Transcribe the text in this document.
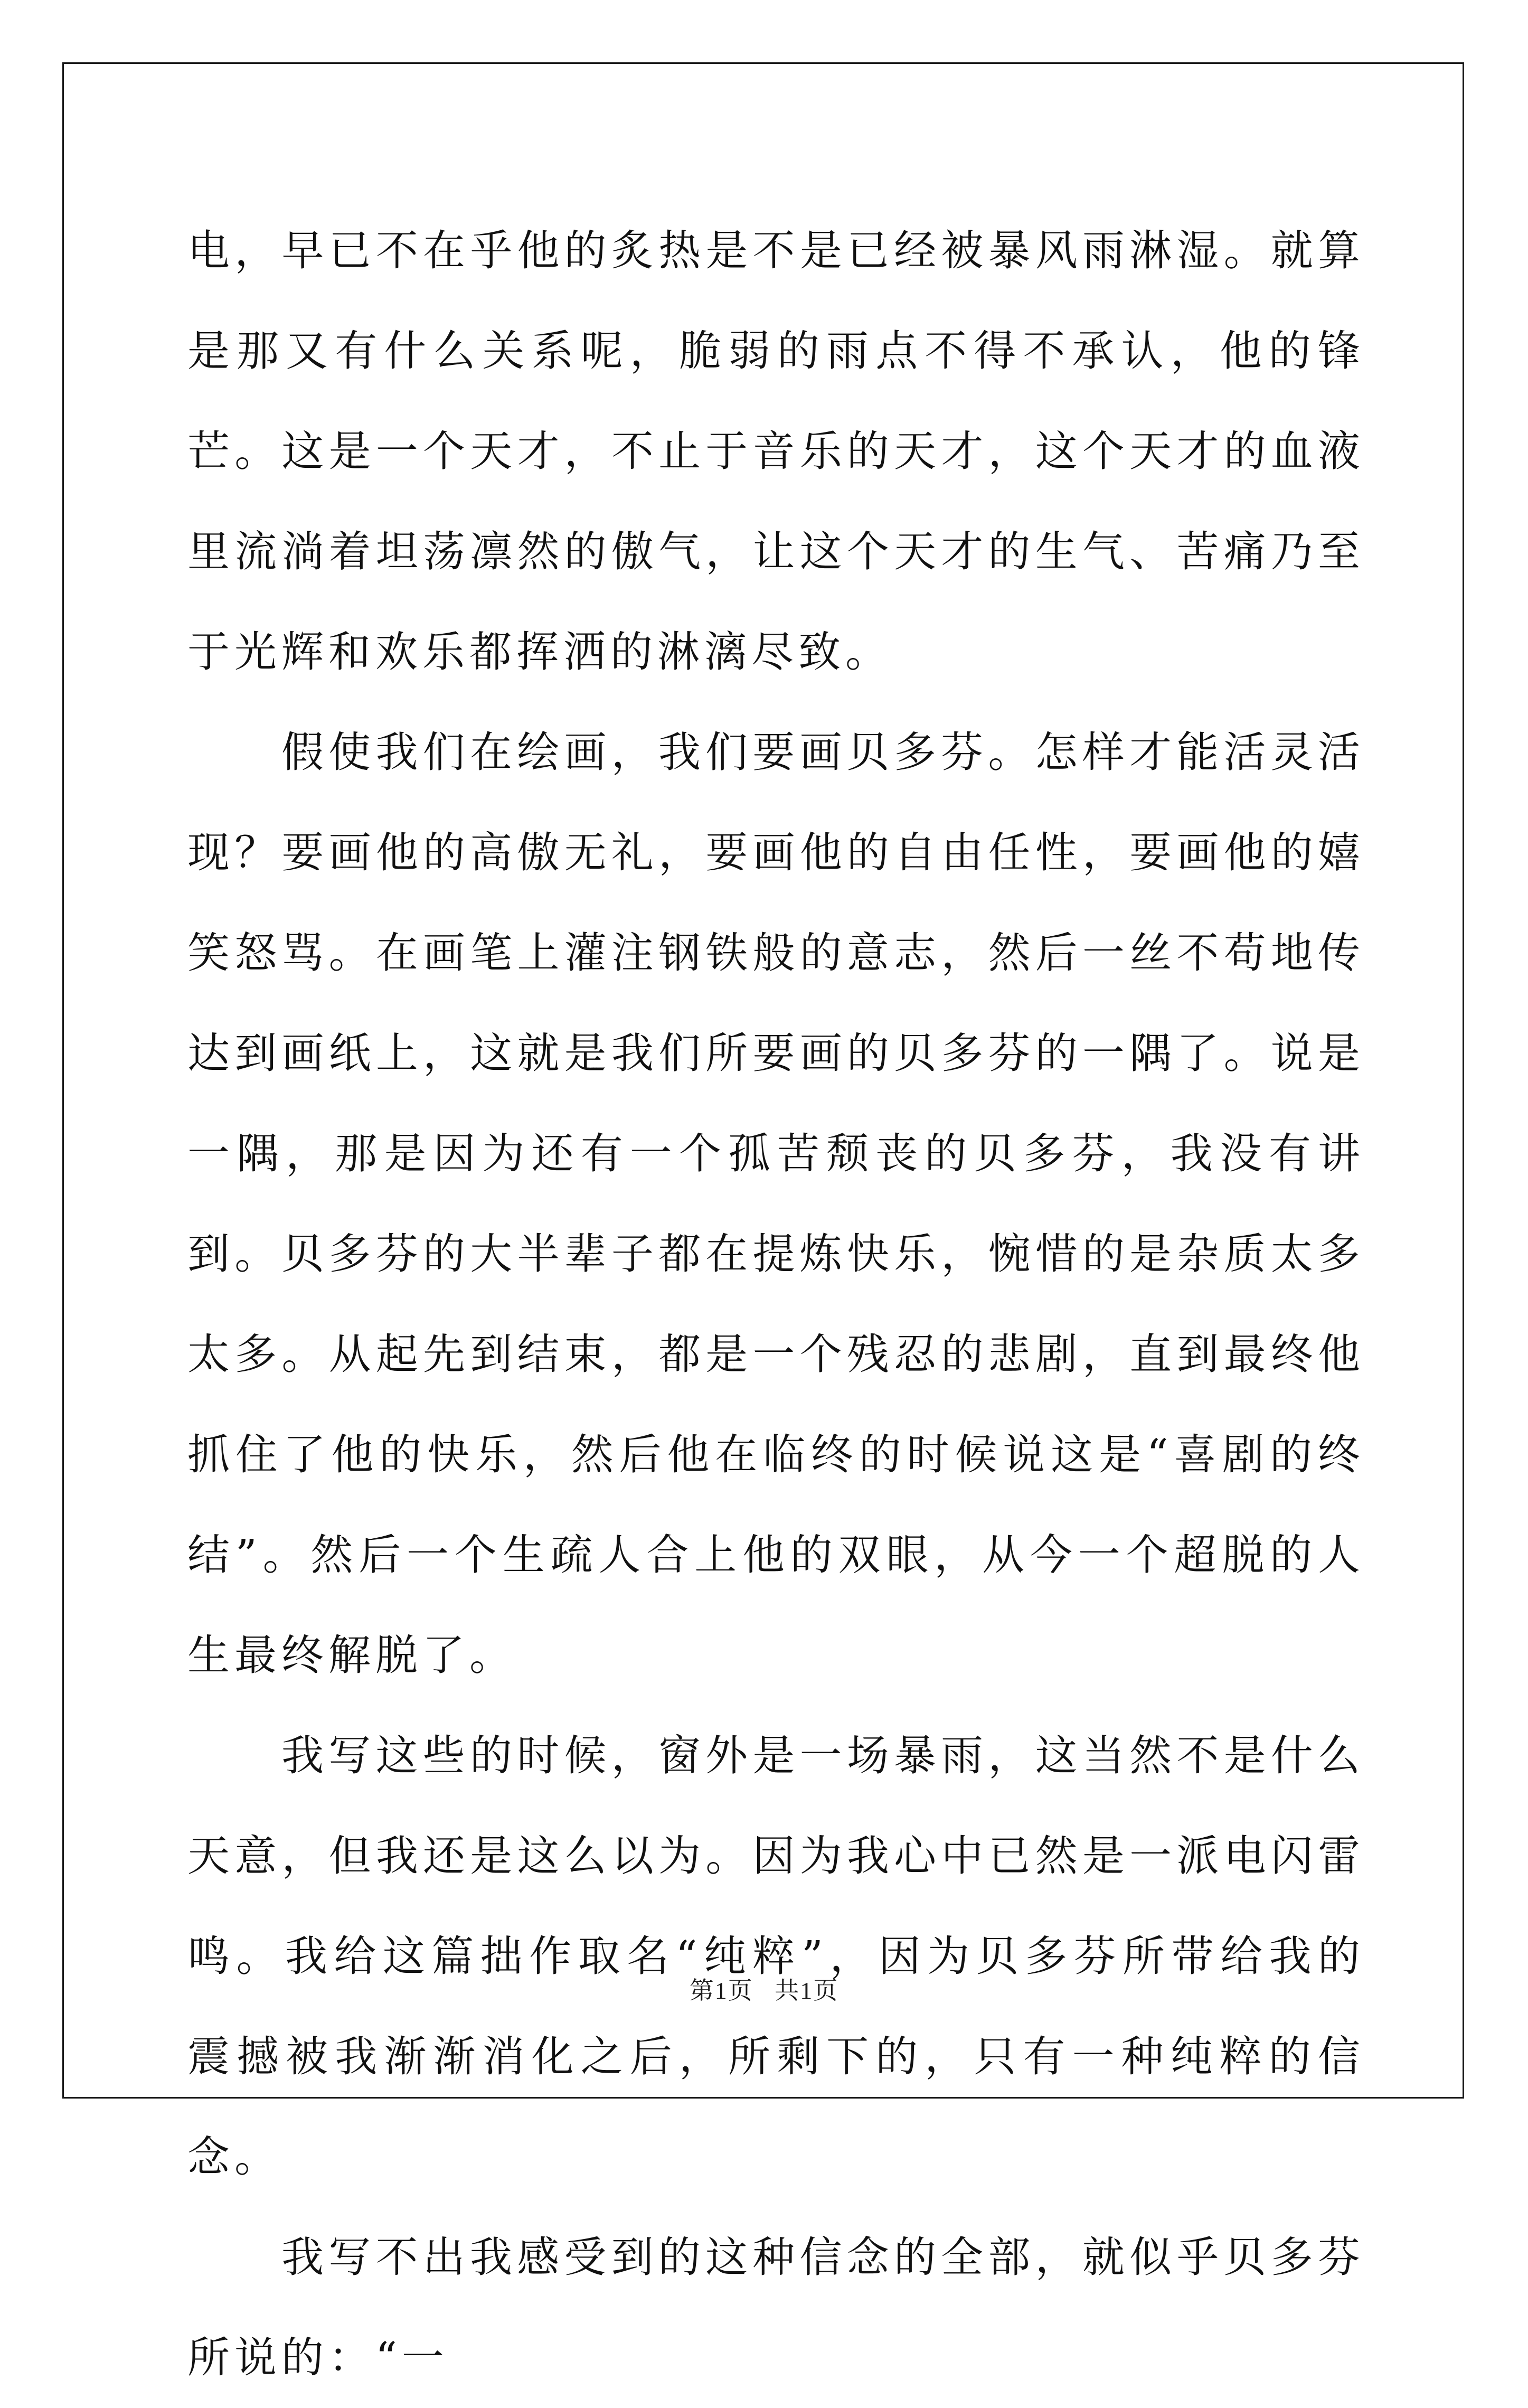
电，早已不在乎他的炙热是不是已经被暴风雨淋湿。就算是那又有什么关系呢，脆弱的雨点不得不承认，他的锋芒。这是一个天才，不止于音乐的天才，这个天才的血液里流淌着坦荡凛然的傲气，让这个天才的生气、苦痛乃至于光辉和欢乐都挥洒的淋漓尽致。

假使我们在绘画，我们要画贝多芬。怎样才能活灵活现？要画他的高傲无礼，要画他的自由任性，要画他的嬉笑怒骂。在画笔上灌注钢铁般的意志，然后一丝不苟地传达到画纸上，这就是我们所要画的贝多芬的一隅了。说是一隅，那是因为还有一个孤苦颓丧的贝多芬，我没有讲到。贝多芬的大半辈子都在提炼快乐，惋惜的是杂质太多太多。从起先到结束，都是一个残忍的悲剧，直到最终他抓住了他的快乐，然后他在临终的时候说这是“喜剧的终结”。然后一个生疏人合上他的双眼，从今一个超脱的人生最终解脱了。

我写这些的时候，窗外是一场暴雨，这当然不是什么天意，但我还是这么以为。因为我心中已然是一派电闪雷鸣。我给这篇拙作取名“纯粹”，因为贝多芬所带给我的震撼被我渐渐消化之后，所剩下的，只有一种纯粹的信念。

我写不出我感受到的这种信念的全部，就似乎贝多芬所说的：“一

第1页 共1页
